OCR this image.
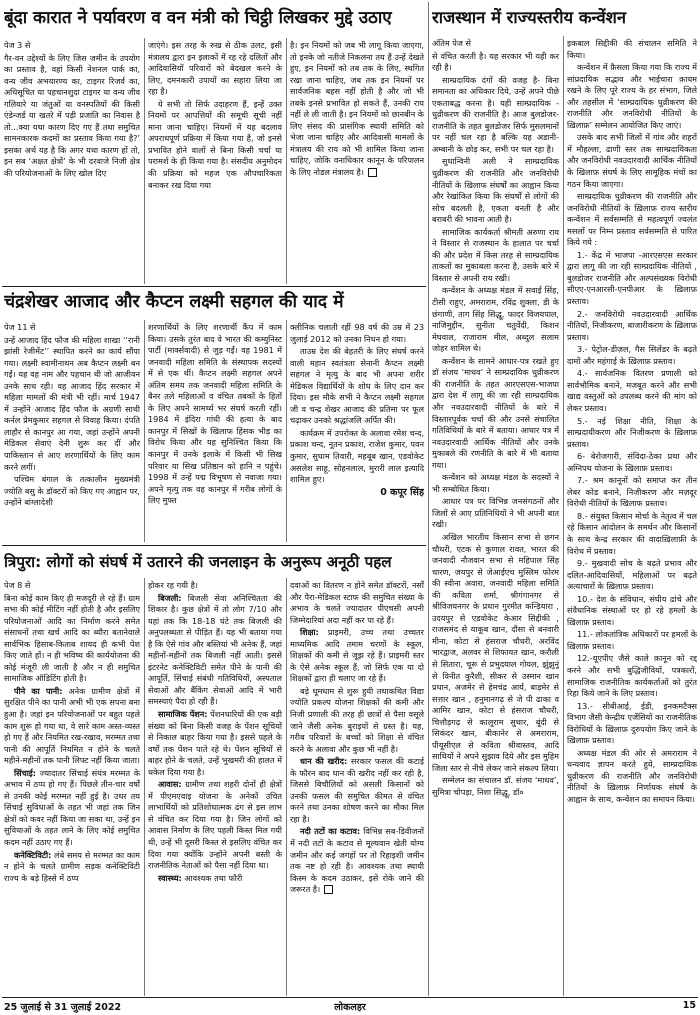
बूंदा कारात ने पर्यावरण व वन मंत्री को चिट्ठी लिखकर मुद्दे उठाए	राजस्थान में राज्यस्तरीय कन्वेंशन
चंद्रशेखर आजाद और कैप्टन लक्ष्मी सहगल की याद में
त्रिपुरा: लोगों को संघर्ष में उतारने की जनलाइन के अनुरूप अनूठी पहल

पेज 3 से

गैर-वन उद्देश्यों के लिए जिस जमीन के उपयोग का प्रस्ताव है, वहां किसी नेशनल पार्क का, वन्य जीव अभयारण्य का, टाइगर रिजर्व का, अधिसूचित या पहचानशुदा टाइगर या वन्य जीव गलियारे या जंतुओं या वनस्पतियों की किसी एंडेन्जर्ड या खतरे में पड़ी प्रजाति का निवास है तो...क्या यथा कारण दिए गए हैं तथा समुचित सामनकारक कदमों का प्रस्ताव किया गया है?’ इसका अर्थ यह है कि अगर यथा कारण हों तो, इन सब ‘अक्षत क्षेत्रों’ के भी दरवाजे निजी क्षेत्र की परियोजनाओं के लिए खोल दिए

जाएंगे। इस तरह के रुख से ठीक उलट, इसी मंत्रालय द्वारा इन इलाकों में रह रहे दलितों और आदिवासियों परिवारों को बेदखल करने के लिए, दमनकारी उपायों का सहारा लिया जा रहा है।

ये सभी तो सिर्फ उदाहरण हैं, इन्हें उक्त नियमों पर आपत्तियों की समूची सूची नहीं माना जाना चाहिए। नियमों में यह बदलाव अपराधपूर्ण प्रक्रिया में किया गया है, जो इनसे प्रभावित होने वालों से बिना किसी चर्चा या परामर्श के ही किया गया है। संसदीय अनुमोदन की प्रक्रिया को महज एक औपचारिकता बनाकर रख दिया गया

है। इन नियमों को जब भी लागू किया जाएगा, तो इनके जो नतीजे निकलना तय हैं उन्हें देखते हुए, इन नियमों को तब तक के लिए, स्थगित रखा जाना चाहिए, जब तक इन नियमों पर सार्वजनिक बहस नहीं होती है और जो भी तबके इनसे प्रभावित हो सकते हैं, उनकी राय नहीं ले ली जाती है। इन नियमों को छानबीन के लिए संसद की प्रासंगिक स्थायी समिति को भेजा जाना चाहिए और आदिवासी मामलों के मंत्रालय की राय को भी शामिल किया जाना चाहिए, जोकि वनाधिकार कानून के परिपालन के लिए नोडल मंत्रालय है।

अंतिम पेज से

से वंचित करती है। यह सरकार भी यही कर रही है।

साम्प्रदायिक दंगों की वजह है- बिना समानता का अधिकार दिये, उन्हें अपने पीछे एकताबद्ध करना है। यही साम्प्रदायिक - धुव्रीकरण की राजनीति है। आज बुलडोजर-राजनीति के तहत बुलडोजर सिर्फ मुसलमानों पर नहीं चल रहा है बल्कि यह अडानी-अम्बानी के छोड़ कर, सभी पर चल रहा है।

सुधान्विनी अली ने साम्प्रदायिक धुव्रीकरण की राजनीति और जनविरोधी नीतियों के खिलाफ संघर्षों का आह्वान किया और रेखांकित किया कि संघर्षों से लोगों की सोच बदलती है, एकता बनती है और बराबरी की भावना आती है।

सामाजिक कार्यकर्ता श्रीमती अरुणा राय ने विस्तार से राजस्थान के हालात पर चर्चा की और प्रदेश में किस तरह से साम्प्रदायिक ताकतों का मुकाबला करना है, उसके बारे में विस्तार से अपनी राय रखी।

कन्वेंशन के अध्यक्ष मंडल में सवाई सिंह, टीसी राहुए, अमराराम, रविंद्र शुक्ला, डी के छंगाणी, ताग सिंह सिद्धू, फादर विजयपाल, नाजिमुद्दीन, सुनीता चतुर्वेदी, किशन मेघवाल, राजाराम मील, अब्दुल सलाम जोहर शामिल थे।

कन्वेंशन के सामने आधार-पत्र रखते हुए डॉ संजय ‘माधव’ ने साम्प्रदायिक धुव्रीकरण की राजनीति के तहत आरएसएस-भाजपा द्वारा देश में लागू की जा रही साम्प्रदायिक और नवउदारवादी नीतियों के बारे में विस्तारपूर्वक चर्चा की और उनसे संचालित गतिविधियों के बारे में बताया। आधार पत्र में नवउदारवादी आर्थिक नीतियों और उनके मुकाबले की रणनीति के बारे में भी बताया गया।

कन्वेंशन को अध्यक्ष मंडल के सदस्यों ने भी सम्बोधित किया।

आधार पत्र पर विभिन्न जनसंगठनों और जिलों से आए प्रतिनिधियों ने भी अपनी बात रखी।

अखिल भारतीय किसान सभा से छगन चौधरी, एटक से कुणाल रावत, भारत की जनवादी नौजवान सभा से महिपाल सिंह चारण, जयपुर से जेआईएच मुस्लिम फोरम की स्वीना अवारा, जनवादी महिला समिति की कविता शर्मा, श्रीगंगानगर से श्रीविजयनगर के प्रधान गुरमीत कन्ड़ियारा , उदयपुर से एडवोकेट केआर सिद्दीकी , राजसमंद से याकूब खान, दौसा से बनवारी मीना, कोटा से हंसराज चौधरी, अरविंद भारद्वाज, अलवर से शिफायत खान, करौली से सितारा, चूरू से प्रभुदयाल गोयल, झुंझुनूं से विनीत कुरैशी, सीकर से उस्मान खान प्रधान, अजमेर से हेमचंद्र आर्य, बाड़मेर से सत्तार खान , हनुमानगढ़ से जे पी ढाका व आमिर खान, कोटा से हंसराज चौधरी, चित्तौड़गढ़ से कालूराम सुथार, बूंदी से सिकंदर खान, बीकानेर से अमराराम, पीयूसीएल से कविता श्रीवास्तव, आदि साथियों ने अपने सुझाव दिये और इस मुहिम जिला स्तर से नीचे लेकर जाने संकल्प लिया।

सम्मेलन का संचालन डॉ. संजय ‘माधव’, सुमित्रा चोपड़ा, निशा सिद्धू, डॉ०

इकबाल सिद्दीकी की संचालन समिति ने किया।

कन्वेंशन में फ़ैसला किया गया कि राज्य में सांप्रदायिक सद्भाव और भाईचारा क़ायम रखने के लिए पूरे राज्य के हर संभाग, जिले और तहसील में ‘साम्प्रदायिक धुव्रीकरण की राजनीति और जनविरोधी नीतियों के ख़िलाफ़’ सम्मेलन आयोजित किए जाएं।

उसके बाद सभी जिलों में गांव और शहरों में मौहल्ला, ढाणी स्तर तक साम्प्रदायिकता और जनविरोधी नवउदारवादी आर्थिक नीतियों के खिलाफ़ संघर्ष के लिए सामूहिक मंचों का गठन किया जाएगा।

साम्प्रदायिक धुव्रीकरण की राजनीति और जनविरोधी नीतियों के ख़िलाफ़ राज्य स्तरीय कन्वेंशन में सर्वसम्मति से महत्वपूर्ण ज्वलंत मसलों पर निम्न प्रस्ताव सर्वसम्मति से पारित किये गये :

1.- केंद्र में भाजपा -आरएसएस सरकार द्वारा लागू की जा रही साम्प्रदायिक नीतियों , बुलडोजर राजनीति और अल्पसंख्यक विरोधी सीएए-एनआरसी-एनपीआर के ख़िलाफ़ प्रस्ताव।

2.- जनविरोधी नवउदारवादी आर्थिक नीतियों, निजीकरण, बाजारीकरण के ख़िलाफ़ प्रस्ताव।

3.- पेट्रोल-डीज़ल, गैस सिलेंडर के बढ़ते दामों और महंगाई के ख़िलाफ़ प्रस्ताव।

4.- सार्वजनिक वितरण प्रणाली को सार्वभौमिक बनाने, मजबूत करने और सभी खाद्य वस्तुओं को उपलब्ध करने की मांग को लेकर प्रस्ताव।

5.- नई शिक्षा नीति, शिक्षा के साम्प्रदायीकरण और निजीकरण के ख़िलाफ़ प्रस्ताव।

6- बेरोजगारी, संविदा-ठेका प्रथा और अग्निपथ योजना के ख़िलाफ़ प्रस्ताव।

7.- श्रम कानूनों को समाप्त कर तीन लेबर कोड बनाने, निजीकरण और मज़दूर विरोधी नीतियों के खिलाफ प्रस्ताव।

8.- संयुक्त किसान मोर्चा के नेतृत्व में चल रहे किसान आंदोलन के समर्थन और किसानों के साथ केन्द्र सरकार की वादाख़िलाफ़ी के विरोध में प्रस्ताव।

9.- मुखवादी सोच के बढ़ते प्रभाव और दलित-आदिवासियों, महिलाओं पर बढ़ते अत्याचारों के ख़िलाफ़ प्रस्ताव।

10.- देश के संविधान, संघीय ढांचे और संवैधानिक संस्थाओं पर हो रहे हमलों के ख़िलाफ़ प्रस्ताव।

11.- लोकतांत्रिक अधिकारों पर हमलों के ख़िलाफ़ प्रस्ताव।

12.-यूएपीए जैसे काले क़ानून को रद्द करने और सभी बुद्धिजीवियों, पत्रकारों, सामाजिक राजनीतिक कार्यकर्ताओं को तुरंत रिहा किये जाने के लिए प्रस्ताव।

13.- सीबीआई, ईडी, इनकमटैक्स विभाग जैसी केन्द्रीय एजेंसियों का राजनीतिक विरोधियों के ख़िलाफ़ दुरुपयोग किए जाने के ख़िलाफ़ प्रस्ताव।

अध्यक्ष मंडल की ओर से अमराराम ने धन्यवाद ज्ञापन करते हुये, साम्प्रदायिक धुव्रीकरण की राजनीति और जनविरोधी नीतियों के ख़िलाफ़ निर्णायक संघर्ष के आह्वान के साथ, कन्वेंशन का समापन किया।

पेज 11 से

उन्हें आजाद हिंद फौज की महिला शाखा ‘‘रानी झांसी रेजीमेंट’’ स्थापित करने का कार्य सौंपा गया। लक्ष्मी स्वामीनाथन अब कैप्टन लक्ष्मी बन गईं। यह वह नाम और पहचान थी जो आजीवन उनके साथ रही। वह आजाद हिंद सरकार में महिला मामलों की मंत्री भी रहीं। मार्च 1947 में उन्होंने आजाद हिंद फौज के अग्रणी साथी कर्नल प्रेमकुमार सहगल से विवाह किया। दंपति लाहौर से कानपुर आ गया, जहां उन्होंने अपनी मेडिकल सेवाएं देनी शुरू कर दीं और पाकिस्तान से आए शरणार्थियों के लिए काम करने लगीं।

पश्चिम बंगाल के तत्कालीन मुख्यमंत्री ज्योति बसु के डॉक्टरों को किए गए आह्वान पर, उन्होंने बांग्लादेशी

शरणार्थियों के लिए शरणार्थी कैंप में काम किया। उसके तुरंत बाद वे भारत की कम्युनिस्ट पार्टी (मार्क्सवादी) से जुड़ गईं। वह 1981 में जनवादी महिला समिति के संस्थापक सदस्यों में से एक थीं। कैप्टन लक्ष्मी सहगल अपने अंतिम समय तक जनवादी महिला समिति के बैनर तले महिलाओं व वंचित तबकों के हितों के लिए अपने सामर्थ्य भर संघर्ष करती रहीं। 1984 में इंदिरा गांधी की हत्या के बाद कानपुर में सिखों के खिलाफ हिंसक भीड़ का विरोध किया और यह सुनिश्चित किया कि कानपुर में उनके इलाके में किसी भी सिख परिवार या सिख प्रतिष्ठान को हानि न पहुंचे। 1998 में उन्हें पद्म विभूषण से नवाजा गया। अपने मृत्यु तक वह कानपुर में गरीब लोगों के लिए मुफ्त

क्लीनिक चलाती रहीं 98 वर्ष की उम्र में 23 जुलाई 2012 को उनका निधन हो गया।

ताउम्र देश की बेहतरी के लिए संघर्ष करने वाली महान स्वतंत्रता सेनानी कैप्टन लक्ष्मी सहगल ने मृत्यु के बाद भी अपना शरीर मेडिकल विद्यार्थियों के शोध के लिए दान कर दिया। इस मौके सभी ने कैप्टन लक्ष्मी सहगल जी व चन्द्र शेखर आजाद की प्रतिमा पर फूल चढ़ाकर उनको श्रद्धांजलि अर्पित की।

कार्यक्रम में उपरोक्त के अलावा रमेश चन्द, प्रकाश चन्द, नूतन प्रकाश, राजेश कुमार, पवन कुमार, सुधाम तिवारी, महबूब खान, एडवोकेट असलेश साहू, सोहनलाल, मुरारी लाल इत्यादि शामिल हुए।

0 कपूर सिंह

पेज 8 से

बिना कोई काम किए ही मजदूरी ले रहे हैं। ग्राम सभा की कोई मीटिंग नहीं होती है और इसलिए परियोजनाओं आदि का निर्माण करने समेत संसाधनों तथा खर्च आदि का ब्यौरा बतानेवाले सार्वभिक हिसाब-किताब शायद ही कभी पेश किए जाते हों। न ही भविष्य की कार्ययोजना की कोई मंजूरी ली जाती है और न ही समुचित सामाजिक ऑडिटिंग होती है।

पीने का पानी: अनेक ग्रामीण क्षेत्रों में सुरक्षित पीने का पानी अभी भी एक सपना बना हुआ है। जहां इन परियोजनाओं पर बहुत पहले काम शुरू हो गया था, वे सारे काम अस्त-व्यस्त हो गए हैं और नियमित रख-रखाव, मरम्मत तथा पानी की आपूर्ति नियमित न होने के चलते महीने-महीनों तक पानी लिफ्ट नहीं किया जाता।

सिंचाई: ज्यादातर सिंचाई संयंत्र मरम्मत के अभाव में ठप्प हो गए हैं। पिछले तीन-चार वर्षों से उनकी कोई मरम्मत नहीं हुई है। उधर तय सिंचाई सुविधाओं के तहत भी जहां तक जिन क्षेत्रों को कवर नहीं किया जा सका था, उन्हें इन सुविधाओं के तहत लाने के लिए कोई समुचित कदम नहीं उठाए गए हैं।

कनेक्टिविटी: लंबे समय से मरम्मत का काम न होने के चलते ग्रामीण सड़क कनेक्टिविटी राज्य के बड़े हिस्से में ठप्प

होकर रह गयी है।

बिजली: बिजली सेवा अनिश्चितता की शिकार है। कुछ क्षेत्रों में तो लोग 7/10 और यहां तक कि 18-18 घंटे तक बिजली की अनुपलब्धता से पीड़ित हैं। यह भी बताया गया है कि ऐसे गांव और बस्तियां भी अनेक हैं, जहां महीनों-महीनों तक बिजली नहीं आती। इससे इंटरनेट कनेक्टिविटी समेत पीने के पानी की आपूर्ति, सिंचाई संबंधी गतिविधियों, अस्पताल सेवाओं और बैंकिंग सेवाओं आदि में भारी समस्याएं पैदा हो रही हैं।

सामाजिक पेंशन: पेंशनधारियों की एक बड़ी संख्या को बिना किसी वजह के पेंशन सूचियों से निकाल बाहर किया गया है। इससे पहले के वर्षों तक पेंशन पाते रहे थे। पेंशन सूचियों से बाहर होने के चलते, उन्हें भुखमरी की हालत में धकेल दिया गया है।

आवास: ग्रामीण तथा शहरी दोनों ही क्षेत्रों में पीएमएवाइ योजना के अनेकों उचित लाभार्थियों को प्रतिशोधात्मक ढंग से इस लाभ से वंचित कर दिया गया है। जिन लोगों को आवास निर्माण के लिए पहली किस्त मिल गयी थी, उन्हें भी दूसरी किस्त से इसलिए वंचित कर दिया गया क्योंकि उन्होंने अपनी बस्ती के राजनीतिक नेताओं को पैसा नहीं दिया था।

स्वास्थ्य: आवश्यक तथा फौरी

दवाओं का वितरण न होने समेत डॉक्टरों, नर्सों और पैरा-मेडिकल स्टाफ की समुचित संख्या के अभाव के चलते ज्यादातर पीएचसी अपनी जिम्मेदारियां अदा नहीं कर पा रहे हैं।

शिक्षा: प्राइमरी, उच्च तथा उच्चतर माध्यमिक आदि तमाम चरणों के स्कूल, शिक्षकों की कमी से जूझ रहे हैं। प्राइमरी स्तर के ऐसे अनेक स्कूल हैं, जो सिर्फ एक या दो शिक्षकों द्वारा ही चलाए जा रहे हैं।

बड़े धूमधाम से शुरू हुयी तथाकथित विद्या ज्योति प्रकल्प योजना शिक्षकों की कमी और निजी प्रणाली की तरह ही छात्रों से पैसा वसूले जाने जैसी अनेक बुराइयों से ग्रस्त है। यह, गरीब परिवारों के बच्चों को शिक्षा से वंचित करने के अलावा और कुछ भी नहीं है।

धान की खरीद: सरकार फसल की कटाई के फौरन बाद धान की खरीद नहीं कर रही है, जिससे बिचौलियों को असली किसानों को उनकी फसल की समुचित कीमत से वंचित करने तथा उनका शोषण करने का मौका मिल रहा है।

नदी तटों का कटाव: विभिन्न सब-डिवीजनों में नदी तटों के कटाव से मूल्यवान खेती योग्य जमीन और कई जगहों पर तो रिहाइशी जमीन तक नष्ट हो रही है। आवश्यक तथा स्थायी किस्म के कदम उठाकर, इसे रोके जाने की जरूरत है।

25 जुलाई से 31 जुलाई 2022	लोकलहर	15
